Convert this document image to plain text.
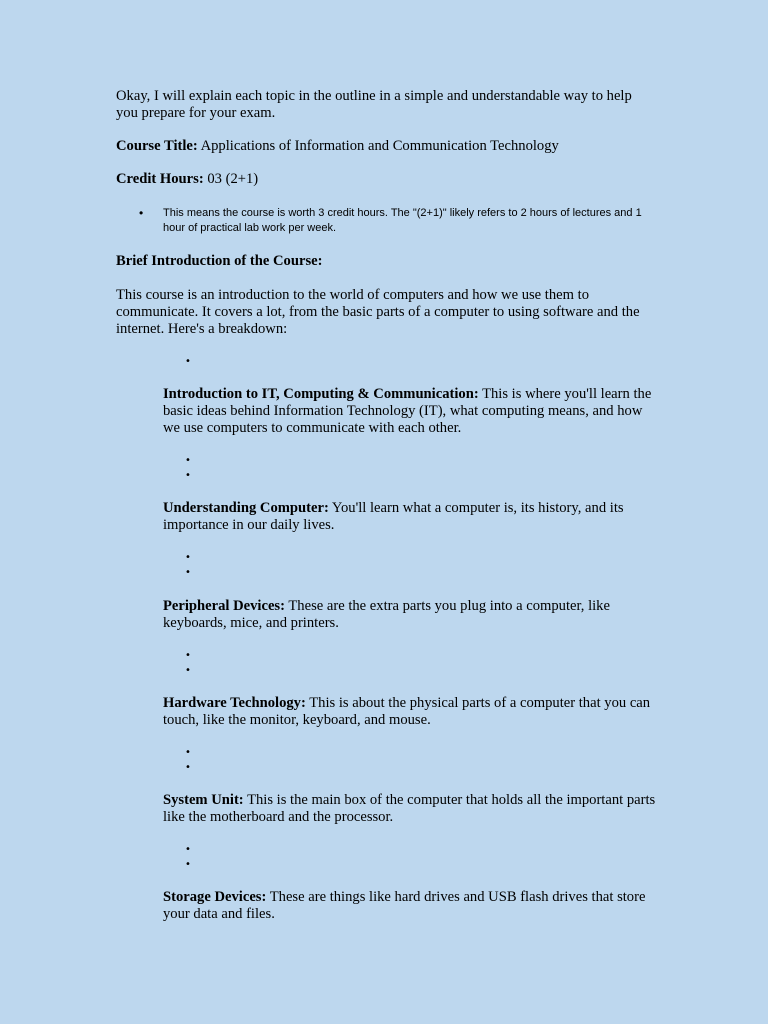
Okay, I will explain each topic in the outline in a simple and understandable way to help you prepare for your exam.
Course Title: Applications of Information and Communication Technology
Credit Hours: 03 (2+1)
• This means the course is worth 3 credit hours. The "(2+1)" likely refers to 2 hours of lectures and 1 hour of practical lab work per week.
Brief Introduction of the Course:
This course is an introduction to the world of computers and how we use them to communicate. It covers a lot, from the basic parts of a computer to using software and the internet. Here's a breakdown:
•
Introduction to IT, Computing & Communication: This is where you'll learn the basic ideas behind Information Technology (IT), what computing means, and how we use computers to communicate with each other.
•
•
Understanding Computer: You'll learn what a computer is, its history, and its importance in our daily lives.
•
•
Peripheral Devices: These are the extra parts you plug into a computer, like keyboards, mice, and printers.
•
•
Hardware Technology: This is about the physical parts of a computer that you can touch, like the monitor, keyboard, and mouse.
•
•
System Unit: This is the main box of the computer that holds all the important parts like the motherboard and the processor.
•
•
Storage Devices: These are things like hard drives and USB flash drives that store your data and files.
